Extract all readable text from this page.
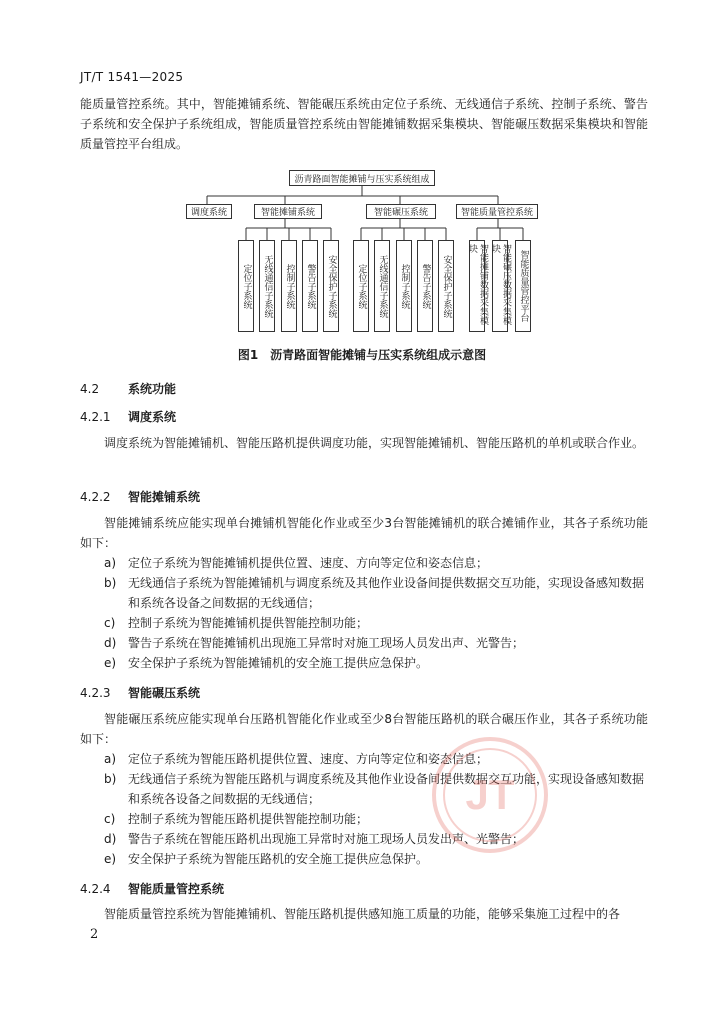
JT/T 1541—2025

能质量管控系统。其中，智能摊铺系统、智能碾压系统由定位子系统、无线通信子系统、控制子系统、警告子系统和安全保护子系统组成，智能质量管控系统由智能摊铺数据采集模块、智能碾压数据采集模块和智能质量管控平台组成。

沥青路面智能摊铺与压实系统组成
调度系统	智能摊铺系统	智能碾压系统	智能质量管控系统
定位子系统	无线通信子系统	控制子系统	警告子系统	安全保护子系统	定位子系统	无线通信子系统	控制子系统	警告子系统	安全保护子系统	智能摊铺数据采集模块	智能碾压数据采集模块
智能质量管控平台
图1 沥青路面智能摊铺与压实系统组成示意图
4.2 系统功能
4.2.1 调度系统

调度系统为智能摊铺机、智能压路机提供调度功能，实现智能摊铺机、智能压路机的单机或联合作业。

4.2.2 智能摊铺系统

智能摊铺系统应能实现单台摊铺机智能化作业或至少3台智能摊铺机的联合摊铺作业，其各子系统功能如下：

a) 定位子系统为智能摊铺机提供位置、速度、方向等定位和姿态信息；
b) 无线通信子系统为智能摊铺机与调度系统及其他作业设备间提供数据交互功能，实现设备感知数据和系统各设备之间数据的无线通信；
c) 控制子系统为智能摊铺机提供智能控制功能；
d) 警告子系统在智能摊铺机出现施工异常时对施工现场人员发出声、光警告；
e) 安全保护子系统为智能摊铺机的安全施工提供应急保护。
4.2.3 智能碾压系统

智能碾压系统应能实现单台压路机智能化作业或至少8台智能压路机的联合碾压作业，其各子系统功能如下：

a) 定位子系统为智能压路机提供位置、速度、方向等定位和姿态信息；
b) 无线通信子系统为智能压路机与调度系统及其他作业设备间提供数据交互功能，实现设备感知数据和系统各设备之间数据的无线通信；
c) 控制子系统为智能压路机提供智能控制功能；
d) 警告子系统在智能压路机出现施工异常时对施工现场人员发出声、光警告；
e) 安全保护子系统为智能压路机的安全施工提供应急保护。
4.2.4 智能质量管控系统

智能质量管控系统为智能摊铺机、智能压路机提供感知施工质量的功能，能够采集施工过程中的各

2
JT
